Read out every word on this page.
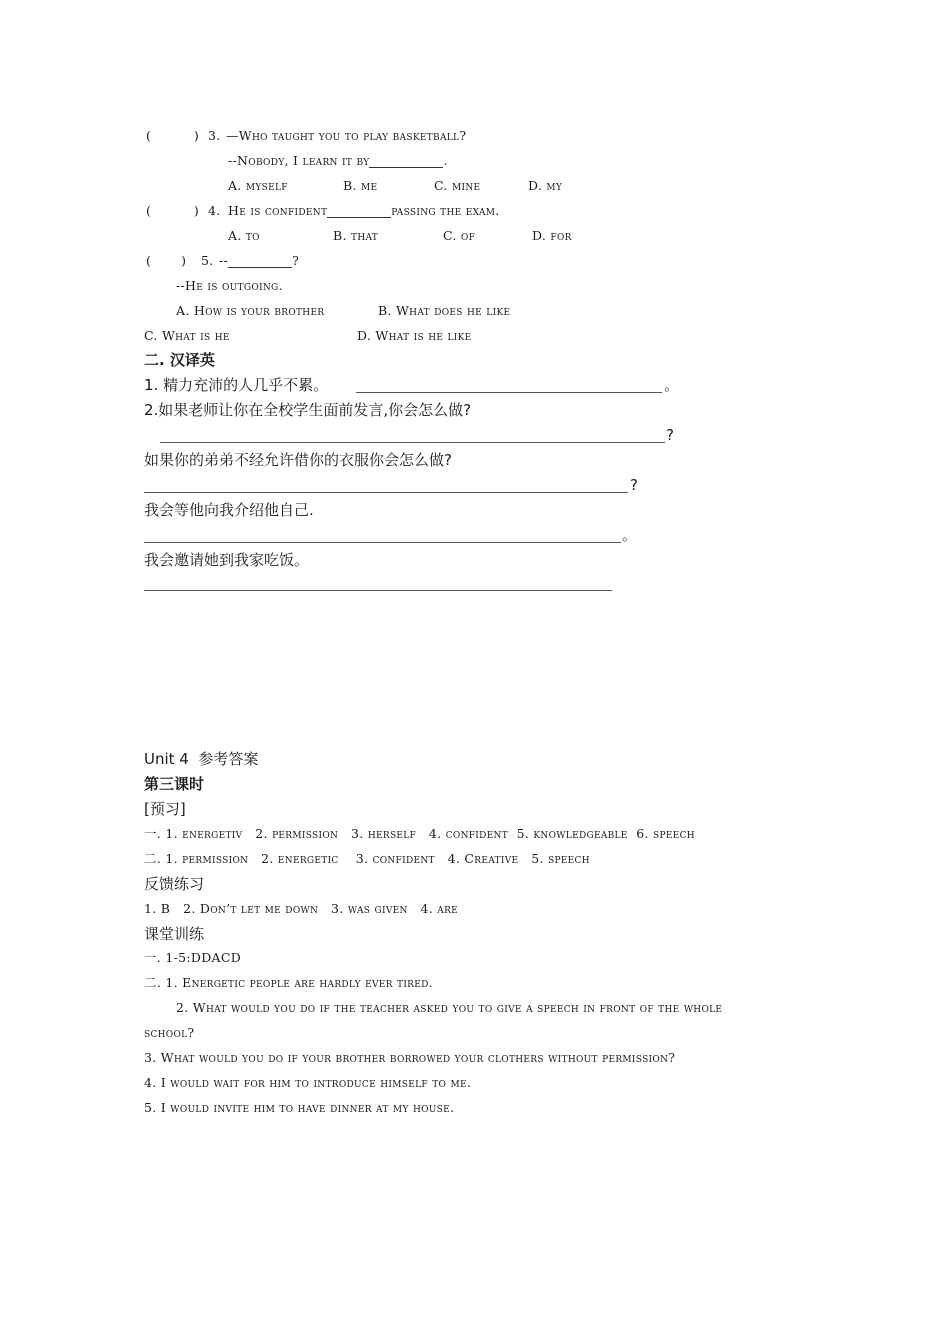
(          ) 3. —Who taught you to play basketball?
--Nobody, I learn it by	.
A. myself	B. me	C. mine	D. my
(          ) 4. He is confident	passing the exam.
A. to	B. that	C. of	D. for
(       ) 5. --	?
--He is outgoing.
A. How is your brother	B. What does he like
C. What is he	D. What is he like
二. 汉译英
1. 精力充沛的人几乎不累。	。
2.如果老师让你在全校学生面前发言,你会怎么做?
?
如果你的弟弟不经允许借你的衣服你会怎么做?
?
我会等他向我介绍他自己.
。
我会邀请她到我家吃饭。
Unit 4  参考答案
第三课时
[预习]
一. 1. energetiv   2. permission   3. herself   4. confident  5. knowledgeable  6. speech
二. 1. permission   2. energetic    3. confident   4. Creative   5. speech
反馈练习
1. B   2. Don’t let me down   3. was given   4. are
课堂训练
一. 1-5:DDACD
二. 1. Energetic people are hardly ever tired.
2. What would you do if the teacher asked you to give a speech in front of the whole
school?
3. What would you do if your brother borrowed your clothers without permission?
4. I would wait for him to introduce himself to me.
5. I would invite him to have dinner at my house.
